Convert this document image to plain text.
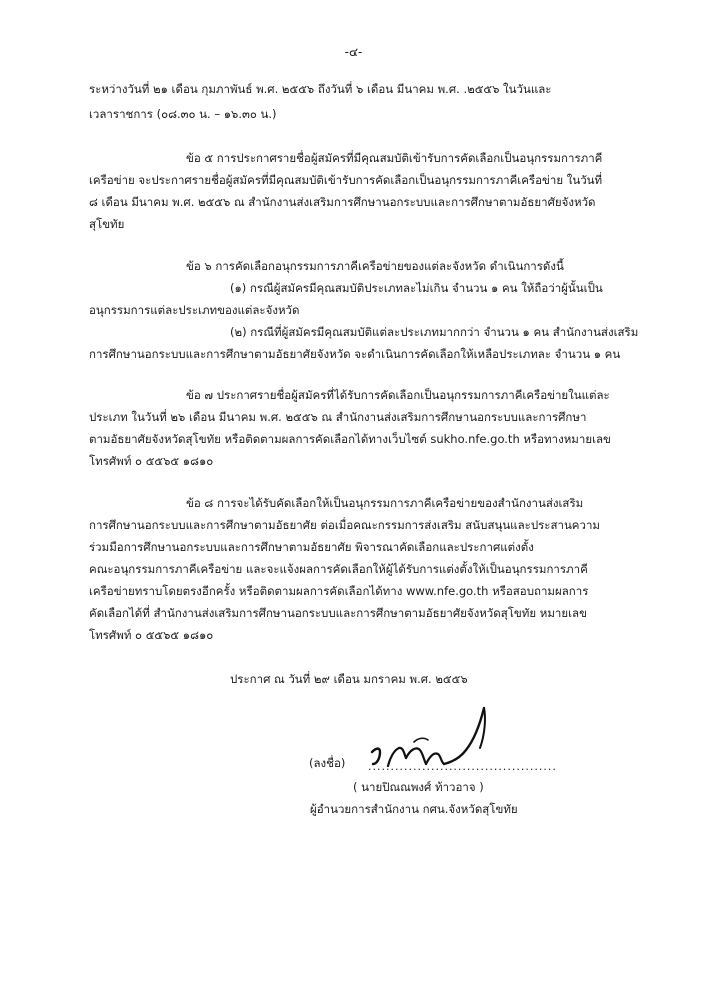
-๔-
ระหว่างวันที่ ๒๑ เดือน กุมภาพันธ์ พ.ศ. ๒๕๕๖ ถึงวันที่ ๖ เดือน มีนาคม พ.ศ. .๒๕๕๖ ในวันและ
เวลาราชการ (๐๘.๓๐ น. – ๑๖.๓๐ น.)
ข้อ ๕ การประกาศรายชื่อผู้สมัครที่มีคุณสมบัติเข้ารับการคัดเลือกเป็นอนุกรรมการภาคี
เครือข่าย จะประกาศรายชื่อผู้สมัครที่มีคุณสมบัติเข้ารับการคัดเลือกเป็นอนุกรรมการภาคีเครือข่าย ในวันที่
๘ เดือน มีนาคม พ.ศ. ๒๕๕๖ ณ สำนักงานส่งเสริมการศึกษานอกระบบและการศึกษาตามอัธยาศัยจังหวัด
สุโขทัย
ข้อ ๖ การคัดเลือกอนุกรรมการภาคีเครือข่ายของแต่ละจังหวัด ดำเนินการดังนี้
(๑) กรณีผู้สมัครมีคุณสมบัติประเภทละไม่เกิน จำนวน ๑ คน ให้ถือว่าผู้นั้นเป็น
อนุกรรมการแต่ละประเภทของแต่ละจังหวัด
(๒) กรณีที่ผู้สมัครมีคุณสมบัติแต่ละประเภทมากกว่า จำนวน ๑ คน สำนักงานส่งเสริม
การศึกษานอกระบบและการศึกษาตามอัธยาศัยจังหวัด จะดำเนินการคัดเลือกให้เหลือประเภทละ จำนวน ๑ คน
ข้อ ๗ ประกาศรายชื่อผู้สมัครที่ได้รับการคัดเลือกเป็นอนุกรรมการภาคีเครือข่ายในแต่ละ
ประเภท ในวันที่ ๒๖ เดือน มีนาคม พ.ศ. ๒๕๕๖ ณ สำนักงานส่งเสริมการศึกษานอกระบบและการศึกษา
ตามอัธยาศัยจังหวัดสุโขทัย หรือติดตามผลการคัดเลือกได้ทางเว็บไซต์ sukho.nfe.go.th หรือทางหมายเลข
โทรศัพท์ ๐ ๕๕๖๕ ๑๘๑๐
ข้อ ๘ การจะได้รับคัดเลือกให้เป็นอนุกรรมการภาคีเครือข่ายของสำนักงานส่งเสริม
การศึกษานอกระบบและการศึกษาตามอัธยาศัย ต่อเมื่อคณะกรรมการส่งเสริม สนับสนุนและประสานความ
ร่วมมือการศึกษานอกระบบและการศึกษาตามอัธยาศัย พิจารณาคัดเลือกและประกาศแต่งตั้ง
คณะอนุกรรมการภาคีเครือข่าย และจะแจ้งผลการคัดเลือกให้ผู้ได้รับการแต่งตั้งให้เป็นอนุกรรมการภาคี
เครือข่ายทราบโดยตรงอีกครั้ง หรือติดตามผลการคัดเลือกได้ทาง www.nfe.go.th หรือสอบถามผลการ
คัดเลือกได้ที่ สำนักงานส่งเสริมการศึกษานอกระบบและการศึกษาตามอัธยาศัยจังหวัดสุโขทัย หมายเลข
โทรศัพท์ ๐ ๕๕๖๕ ๑๘๑๐
ประกาศ ณ วันที่ ๒๙ เดือน มกราคม พ.ศ. ๒๕๕๖
(ลงชื่อ) ..........................................
( นายปิณณพงศ์ ท้าวอาจ )
ผู้อำนวยการสำนักงาน กศน.จังหวัดสุโขทัย
